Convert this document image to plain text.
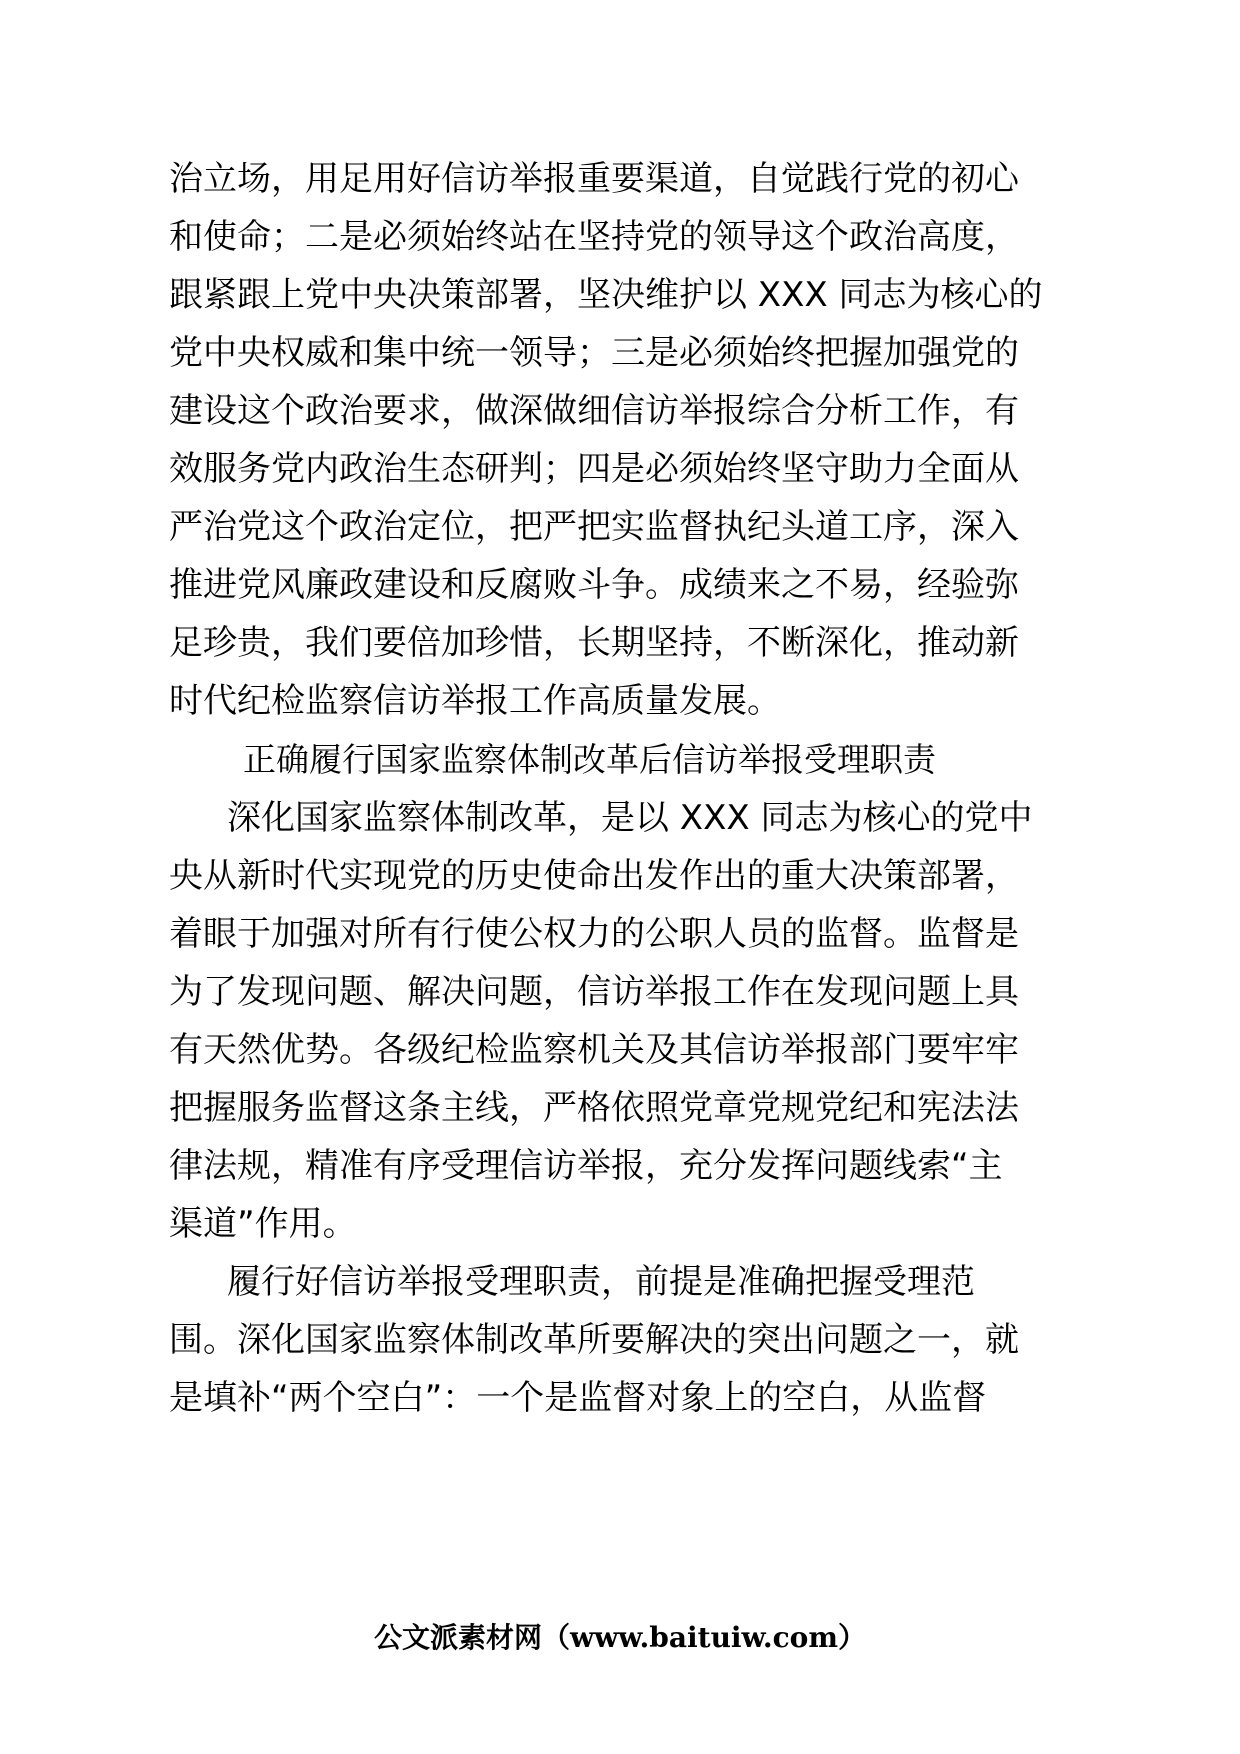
治立场，用足用好信访举报重要渠道，自觉践行党的初心
和使命；二是必须始终站在坚持党的领导这个政治高度，
跟紧跟上党中央决策部署，坚决维护以 XXX 同志为核心的
党中央权威和集中统一领导；三是必须始终把握加强党的
建设这个政治要求，做深做细信访举报综合分析工作，有
效服务党内政治生态研判；四是必须始终坚守助力全面从
严治党这个政治定位，把严把实监督执纪头道工序，深入
推进党风廉政建设和反腐败斗争。成绩来之不易，经验弥
足珍贵，我们要倍加珍惜，长期坚持，不断深化，推动新
时代纪检监察信访举报工作高质量发展。
正确履行国家监察体制改革后信访举报受理职责
深化国家监察体制改革，是以 XXX 同志为核心的党中
央从新时代实现党的历史使命出发作出的重大决策部署，
着眼于加强对所有行使公权力的公职人员的监督。监督是
为了发现问题、解决问题，信访举报工作在发现问题上具
有天然优势。各级纪检监察机关及其信访举报部门要牢牢
把握服务监督这条主线，严格依照党章党规党纪和宪法法
律法规，精准有序受理信访举报，充分发挥问题线索“主
渠道”作用。
履行好信访举报受理职责，前提是准确把握受理范
围。深化国家监察体制改革所要解决的突出问题之一，就
是填补“两个空白”：一个是监督对象上的空白，从监督
公文派素材网（www.baituiw.com）
